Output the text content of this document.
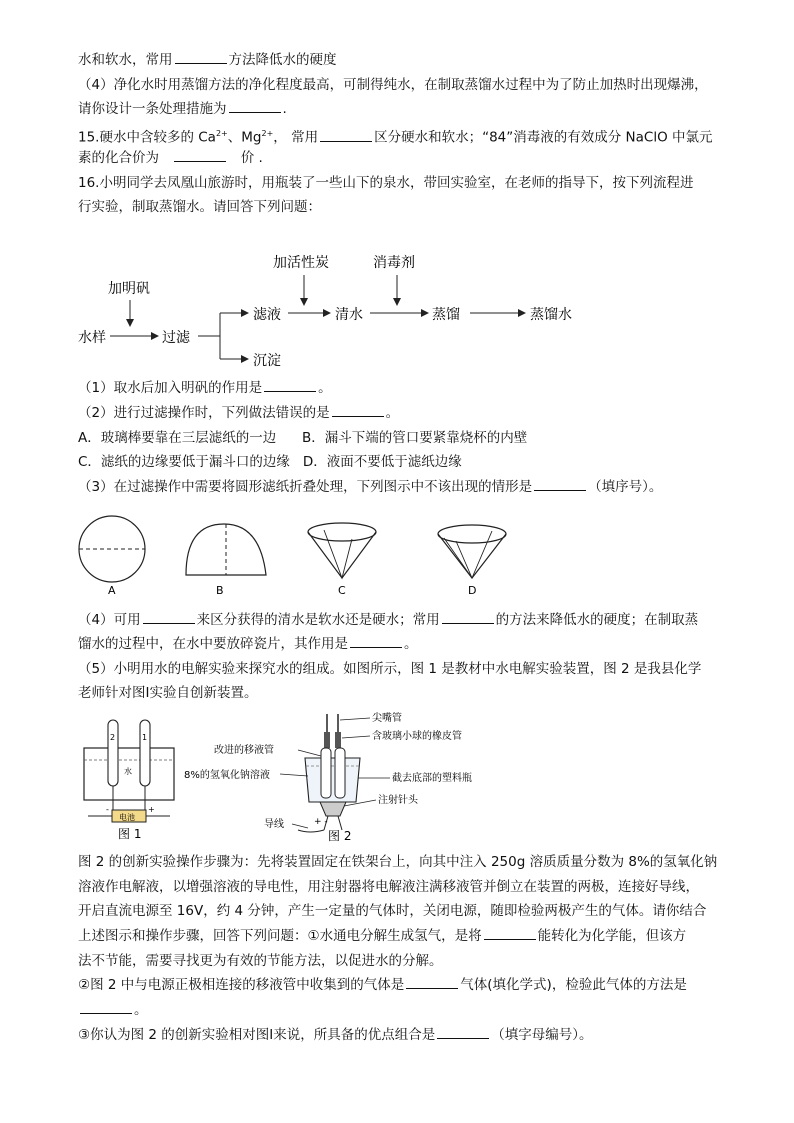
水和软水，常用	方法降低水的硬度
（4）净化水时用蒸馏方法的净化程度最高，可制得纯水，在制取蒸馏水过程中为了防止加热时出现爆沸，
请你设计一条处理措施为	.
15.硬水中含较多的 $Ca^{2+}$、$Mg^{2+}$， 常用	区分硬水和软水；“84”消毒液的有效成分 NaClO 中氯元
素的化合价为	价 .
16.小明同学去凤凰山旅游时，用瓶装了一些山下的泉水，带回实验室，在老师的指导下，按下列流程进
行实验，制取蒸馏水。请回答下列问题：
加明矾
水样	过滤
滤液
沉淀
加活性炭
清水
消毒剂
蒸馏	蒸馏水
（1）取水后加入明矾的作用是	。
（2）进行过滤操作时，下列做法错误的是	。
A．玻璃棒要靠在三层滤纸的一边 B．漏斗下端的管口要紧靠烧杯的内壁
C．滤纸的边缘要低于漏斗口的边缘 D．液面不要低于滤纸边缘
（3）在过滤操作中需要将圆形滤纸折叠处理，下列图示中不该出现的情形是	（填序号）。
A	B	C	D
（4）可用	来区分获得的清水是软水还是硬水；常用	的方法来降低水的硬度；在制取蒸
馏水的过程中，在水中要放碎瓷片，其作用是	。
（5）小明用水的电解实验来探究水的组成。如图所示，图 1 是教材中水电解实验装置，图 2 是我县化学
老师针对图Ⅰ实验自创新装置。
2	1
水
电池
-	+
图 1
+ -
尖嘴管
含玻璃小球的橡皮管
改进的移液管
8%的氢氧化钠溶液	截去底部的塑料瓶
注射针头
导线
图 2
图 2 的创新实验操作步骤为：先将装置固定在铁架台上，向其中注入 250g 溶质质量分数为 8%的氢氧化钠
溶液作电解液，以增强溶液的导电性，用注射器将电解液注满移液管并倒立在装置的两极，连接好导线，
开启直流电源至 16V，约 4 分钟，产生一定量的气体时，关闭电源，随即检验两极产生的气体。请你结合
上述图示和操作步骤，回答下列问题：①水通电分解生成氢气，是将	能转化为化学能，但该方
法不节能，需要寻找更为有效的节能方法，以促进水的分解。
②图 2 中与电源正极相连接的移液管中收集到的气体是	气体(填化学式)，检验此气体的方法是
。
③你认为图 2 的创新实验相对图Ⅰ来说，所具备的优点组合是	（填字母编号）。
